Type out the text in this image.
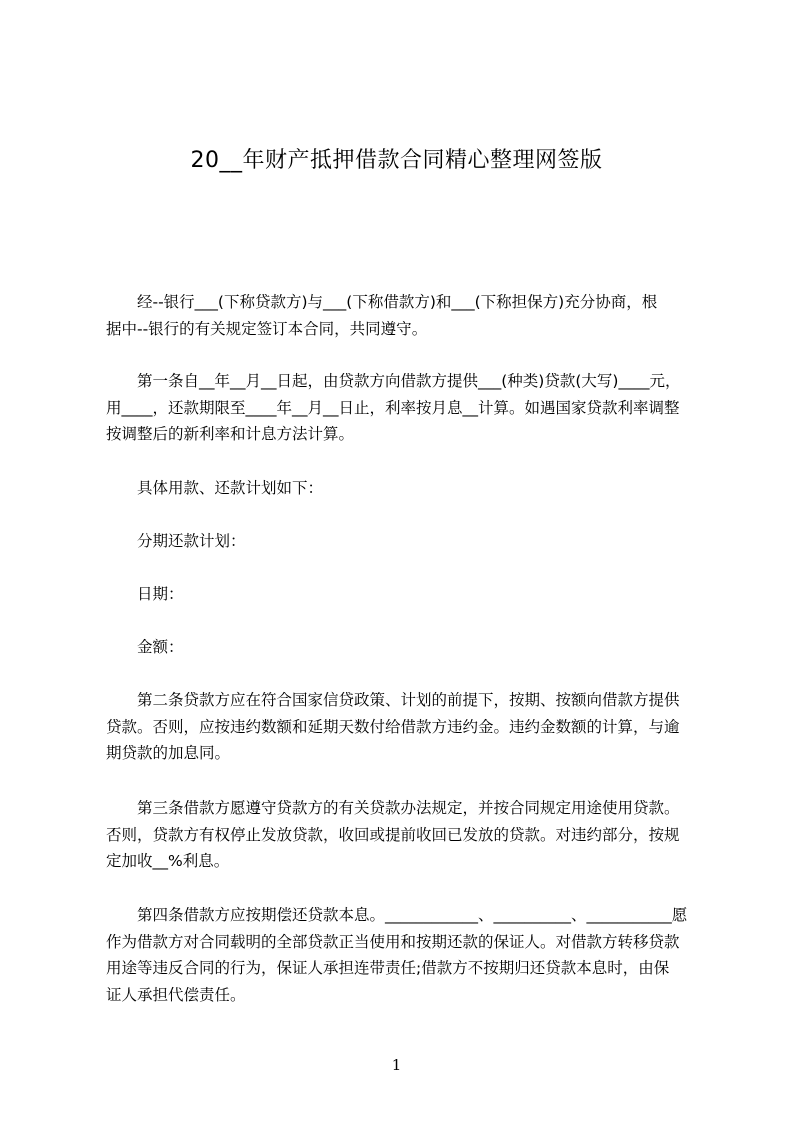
20__年财产抵押借款合同精心整理网签版
经--银行___(下称贷款方)与___(下称借款方)和___(下称担保方)充分协商，根
据中--银行的有关规定签订本合同，共同遵守。
第一条自__年__月__日起，由贷款方向借款方提供___(种类)贷款(大写)____元，
用____，还款期限至____年__月__日止，利率按月息__计算。如遇国家贷款利率调整
按调整后的新利率和计息方法计算。
具体用款、还款计划如下：
分期还款计划：
日期：
金额：
第二条贷款方应在符合国家信贷政策、计划的前提下，按期、按额向借款方提供
贷款。否则，应按违约数额和延期天数付给借款方违约金。违约金数额的计算，与逾
期贷款的加息同。
第三条借款方愿遵守贷款方的有关贷款办法规定，并按合同规定用途使用贷款。
否则，贷款方有权停止发放贷款，收回或提前收回已发放的贷款。对违约部分，按规
定加收__%利息。
第四条借款方应按期偿还贷款本息。____________、__________、___________愿
作为借款方对合同载明的全部贷款正当使用和按期还款的保证人。对借款方转移贷款
用途等违反合同的行为，保证人承担连带责任;借款方不按期归还贷款本息时，由保
证人承担代偿责任。
1
